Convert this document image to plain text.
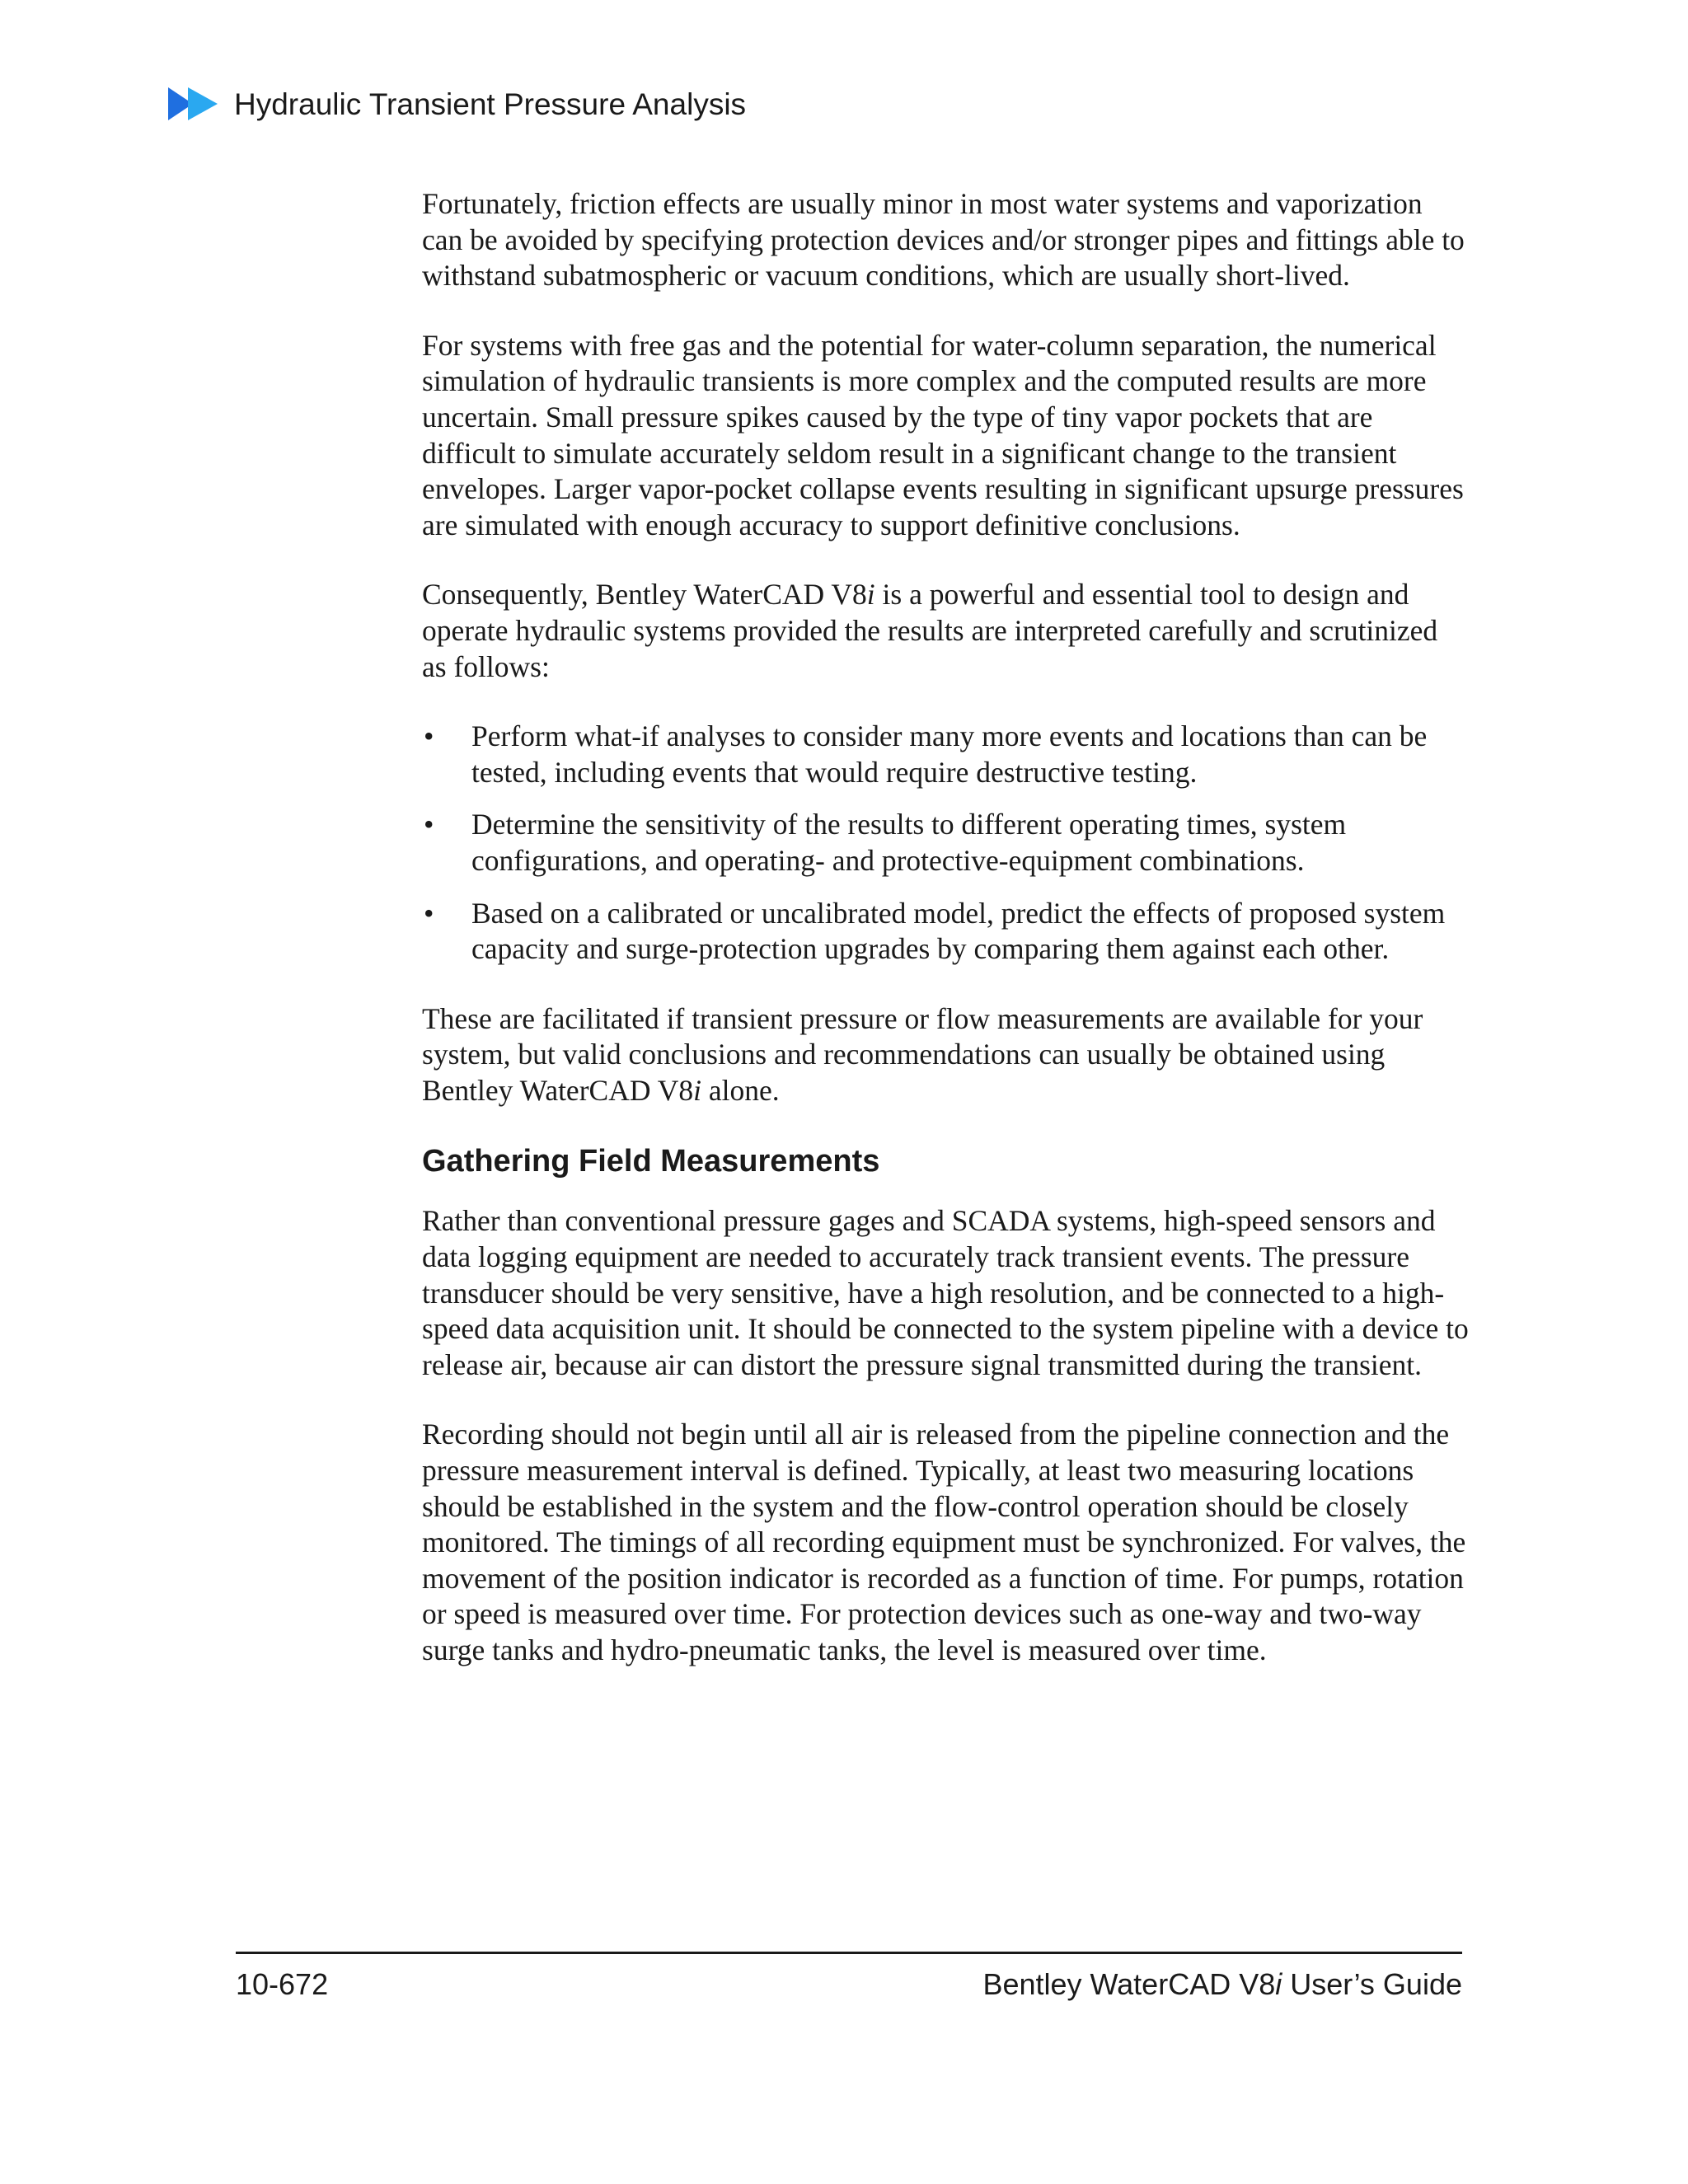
Hydraulic Transient Pressure Analysis

Fortunately, friction effects are usually minor in most water systems and vaporization can be avoided by specifying protection devices and/or stronger pipes and fittings able to withstand subatmospheric or vacuum conditions, which are usually short-lived.

For systems with free gas and the potential for water-column separation, the numerical simulation of hydraulic transients is more complex and the computed results are more uncertain. Small pressure spikes caused by the type of tiny vapor pockets that are difficult to simulate accurately seldom result in a significant change to the transient envelopes. Larger vapor-pocket collapse events resulting in significant upsurge pressures are simulated with enough accuracy to support definitive conclusions.

Consequently, Bentley WaterCAD V8i is a powerful and essential tool to design and operate hydraulic systems provided the results are interpreted carefully and scrutinized as follows:

• Perform what-if analyses to consider many more events and locations than can be tested, including events that would require destructive testing.
• Determine the sensitivity of the results to different operating times, system configurations, and operating- and protective-equipment combinations.
• Based on a calibrated or uncalibrated model, predict the effects of proposed system capacity and surge-protection upgrades by comparing them against each other.

These are facilitated if transient pressure or flow measurements are available for your system, but valid conclusions and recommendations can usually be obtained using Bentley WaterCAD V8i alone.

Gathering Field Measurements

Rather than conventional pressure gages and SCADA systems, high-speed sensors and data logging equipment are needed to accurately track transient events. The pressure transducer should be very sensitive, have a high resolution, and be connected to a high-speed data acquisition unit. It should be connected to the system pipeline with a device to release air, because air can distort the pressure signal transmitted during the transient.

Recording should not begin until all air is released from the pipeline connection and the pressure measurement interval is defined. Typically, at least two measuring locations should be established in the system and the flow-control operation should be closely monitored. The timings of all recording equipment must be synchronized. For valves, the movement of the position indicator is recorded as a function of time. For pumps, rotation or speed is measured over time. For protection devices such as one-way and two-way surge tanks and hydro-pneumatic tanks, the level is measured over time.

10-672	Bentley WaterCAD V8i User’s Guide
